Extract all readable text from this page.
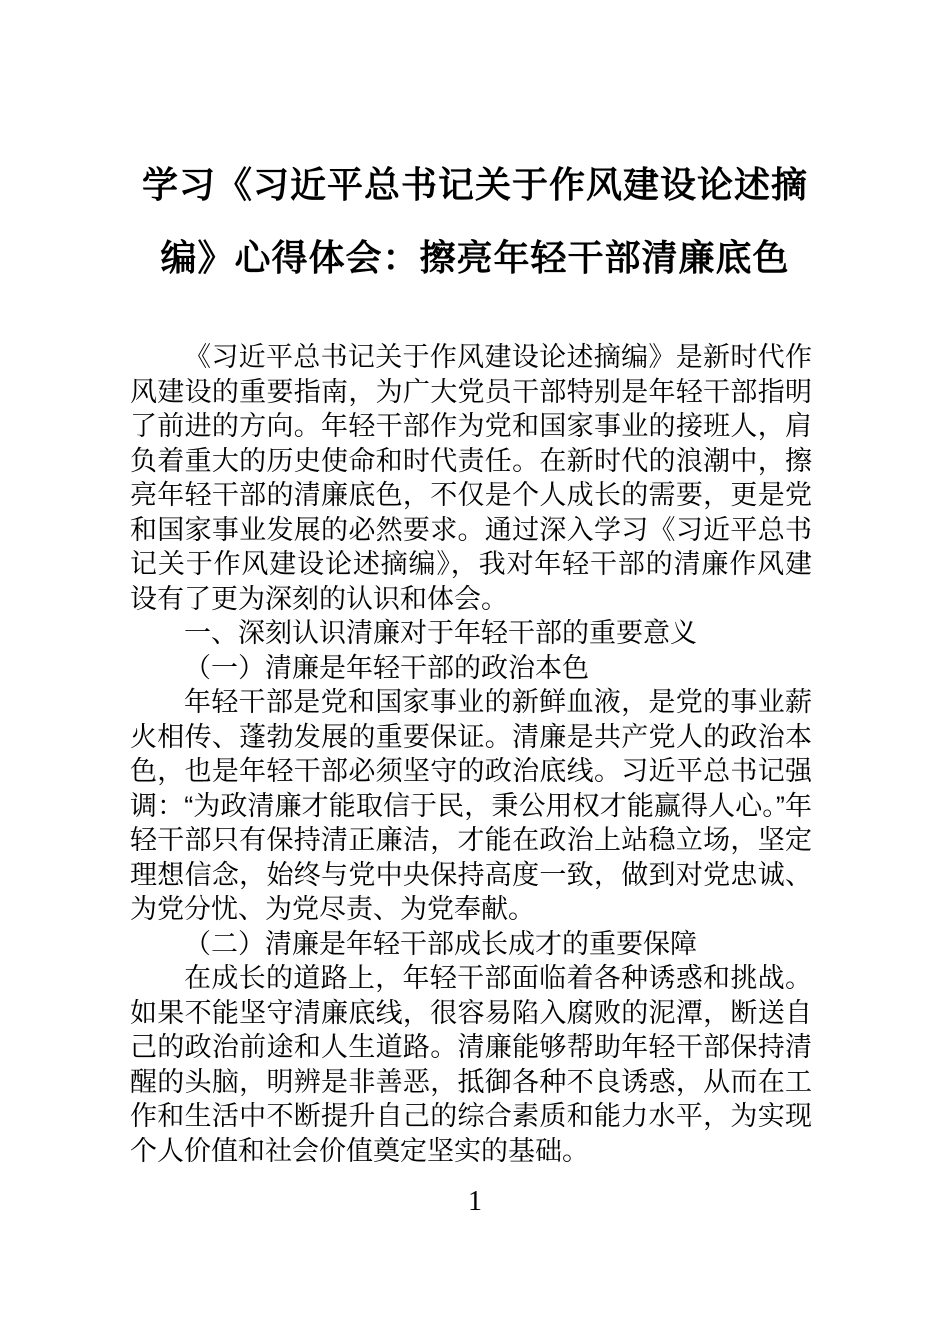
学习《习近平总书记关于作风建设论述摘编》心得体会：擦亮年轻干部清廉底色

《习近平总书记关于作风建设论述摘编》是新时代作风建设的重要指南，为广大党员干部特别是年轻干部指明了前进的方向。年轻干部作为党和国家事业的接班人，肩负着重大的历史使命和时代责任。在新时代的浪潮中，擦亮年轻干部的清廉底色，不仅是个人成长的需要，更是党和国家事业发展的必然要求。通过深入学习《习近平总书记关于作风建设论述摘编》，我对年轻干部的清廉作风建设有了更为深刻的认识和体会。

一、深刻认识清廉对于年轻干部的重要意义

（一）清廉是年轻干部的政治本色

年轻干部是党和国家事业的新鲜血液，是党的事业薪火相传、蓬勃发展的重要保证。清廉是共产党人的政治本色，也是年轻干部必须坚守的政治底线。习近平总书记强调：“为政清廉才能取信于民，秉公用权才能赢得人心。”年轻干部只有保持清正廉洁，才能在政治上站稳立场，坚定理想信念，始终与党中央保持高度一致，做到对党忠诚、为党分忧、为党尽责、为党奉献。

（二）清廉是年轻干部成长成才的重要保障

在成长的道路上，年轻干部面临着各种诱惑和挑战。如果不能坚守清廉底线，很容易陷入腐败的泥潭，断送自己的政治前途和人生道路。清廉能够帮助年轻干部保持清醒的头脑，明辨是非善恶，抵御各种不良诱惑，从而在工作和生活中不断提升自己的综合素质和能力水平，为实现个人价值和社会价值奠定坚实的基础。

1
